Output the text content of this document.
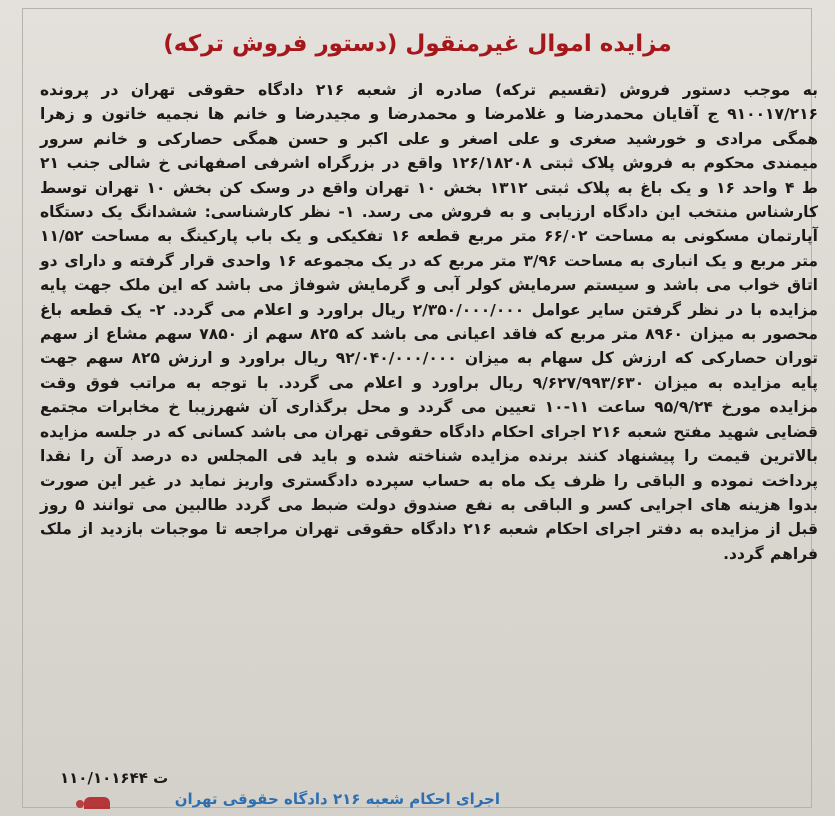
مزایده اموال غیرمنقول (دستور فروش ترکه)
به موجب دستور فروش (تقسیم ترکه) صادره از شعبه ۲۱۶ دادگاه حقوقی تهران در پرونده ۹۱۰۰۱۷/۲۱۶ ج آقایان محمدرضا و غلامرضا و محمدرضا و مجیدرضا و خانم ها نجمیه خاتون و زهرا همگی مرادی و خورشید صغری و علی اصغر و علی اکبر و حسن همگی حصارکی و خانم سرور میمندی محکوم به فروش پلاک ثبتی ۱۲۶/۱۸۲۰۸ واقع در بزرگراه اشرفی اصفهانی خ شالی جنب ۲۱ ط ۴ واحد ۱۶ و یک باغ به پلاک ثبتی ۱۳۱۲ بخش ۱۰ تهران واقع در وسک کن بخش ۱۰ تهران توسط کارشناس منتخب این دادگاه ارزیابی و به فروش می رسد. ۱- نظر کارشناسی: ششدانگ یک دستگاه آپارتمان مسکونی به مساحت ۶۶/۰۲ متر مربع قطعه ۱۶ تفکیکی و یک باب پارکینگ به مساحت ۱۱/۵۲ متر مربع و یک انباری به مساحت ۳/۹۶ متر مربع که در یک مجموعه ۱۶ واحدی قرار گرفته و دارای دو اتاق خواب می باشد و سیستم سرمایش کولر آبی و گرمایش شوفاژ می باشد که این ملک جهت پایه مزایده با در نظر گرفتن سایر عوامل ۲/۳۵۰/۰۰۰/۰۰۰ ریال براورد و اعلام می گردد. ۲- یک قطعه باغ محصور به میزان ۸۹۶۰ متر مربع که فاقد اعیانی می باشد که ۸۲۵ سهم از ۷۸۵۰ سهم مشاع از سهم توران حصارکی که ارزش کل سهام به میزان ۹۲/۰۴۰/۰۰۰/۰۰۰ ریال براورد و ارزش ۸۲۵ سهم جهت پایه مزایده به میزان ۹/۶۲۷/۹۹۳/۶۳۰ ریال براورد و اعلام می گردد. با توجه به مراتب فوق وقت مزایده مورخ ۹۵/۹/۲۴ ساعت ۱۱-۱۰ تعیین می گردد و محل برگذاری آن شهرزیبا خ مخابرات مجتمع قضایی شهید مفتح شعبه ۲۱۶ اجرای احکام دادگاه حقوقی تهران می باشد کسانی که در جلسه مزایده بالاترین قیمت را پیشنهاد کنند برنده مزایده شناخته شده و باید فی المجلس ده درصد آن را نقدا پرداخت نموده و الباقی را ظرف یک ماه به حساب سپرده دادگستری واریز نماید در غیر این صورت بدوا هزینه های اجرایی کسر و الباقی به نفع صندوق دولت ضبط می گردد طالبین می توانند ۵ روز قبل از مزایده به دفتر اجرای احکام شعبه ۲۱۶ دادگاه حقوقی تهران مراجعه تا موجبات بازدید از ملک فراهم گردد.
۱۱۰/۱۰۱۶۴۴ ت
اجرای احکام شعبه ۲۱۶ دادگاه حقوقی تهران
